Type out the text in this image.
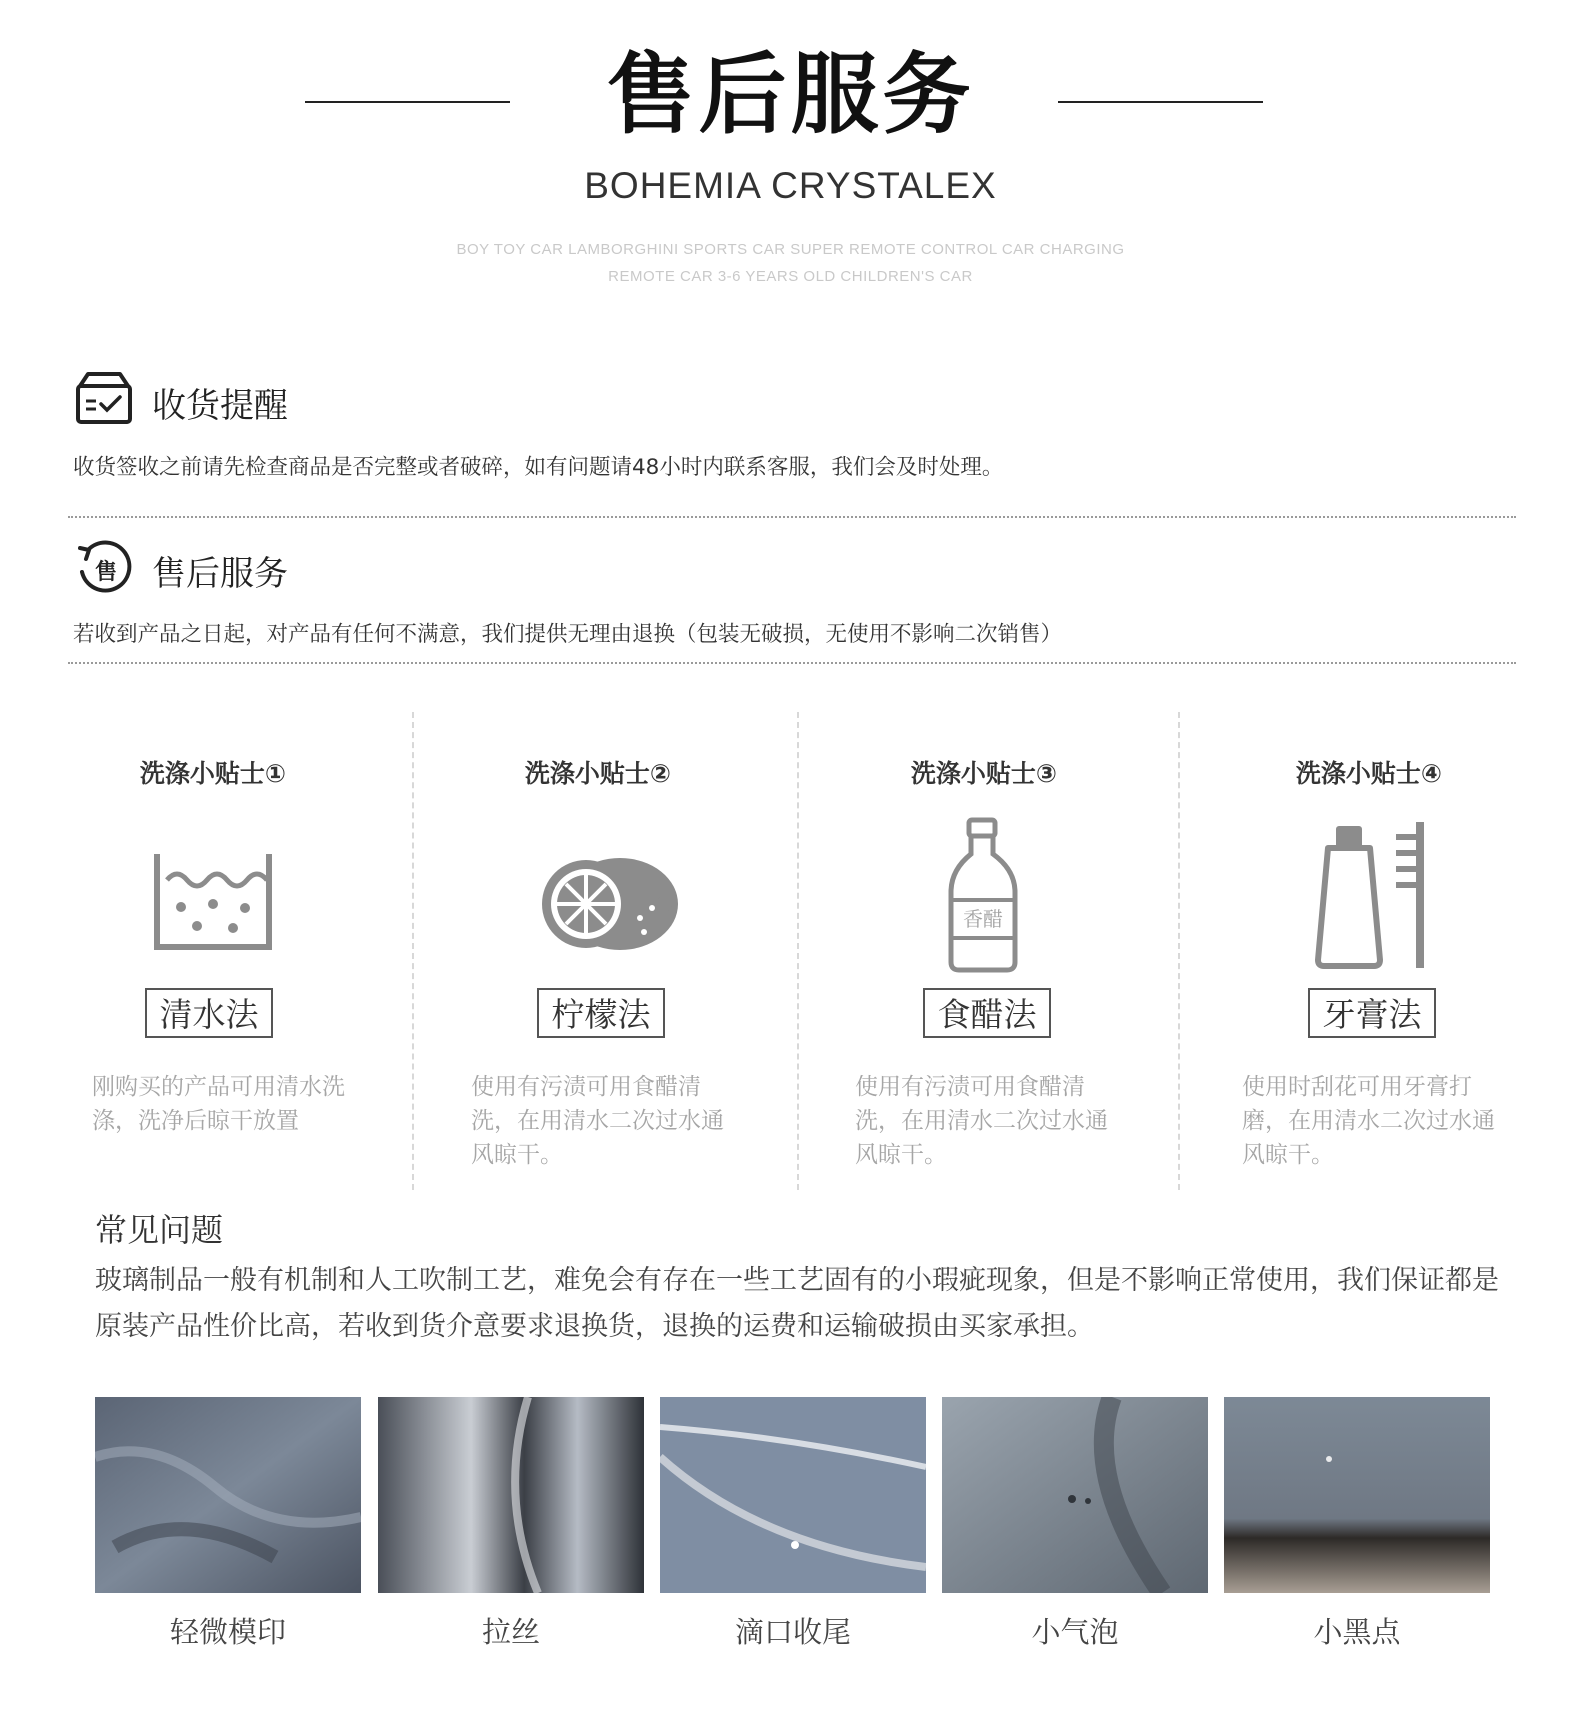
售后服务
BOHEMIA CRYSTALEX
BOY TOY CAR LAMBORGHINI SPORTS CAR SUPER REMOTE CONTROL CAR CHARGING
REMOTE CAR 3-6 YEARS OLD CHILDREN'S CAR
收货提醒
收货签收之前请先检查商品是否完整或者破碎，如有问题请48小时内联系客服，我们会及时处理。
售 售后服务
若收到产品之日起，对产品有任何不满意，我们提供无理由退换（包装无破损，无使用不影响二次销售）
洗涤小贴士①
清水法
刚购买的产品可用清水洗涤，洗净后晾干放置
洗涤小贴士②
柠檬法
使用有污渍可用食醋清洗，在用清水二次过水通风晾干。
洗涤小贴士③
香醋
食醋法
使用有污渍可用食醋清洗，在用清水二次过水通风晾干。
洗涤小贴士④
牙膏法
使用时刮花可用牙膏打磨，在用清水二次过水通风晾干。
常见问题
玻璃制品一般有机制和人工吹制工艺，难免会有存在一些工艺固有的小瑕疵现象，但是不影响正常使用，我们保证都是原装产品性价比高，若收到货介意要求退换货，退换的运费和运输破损由买家承担。
轻微模印	拉丝	滴口收尾	小气泡	小黑点
